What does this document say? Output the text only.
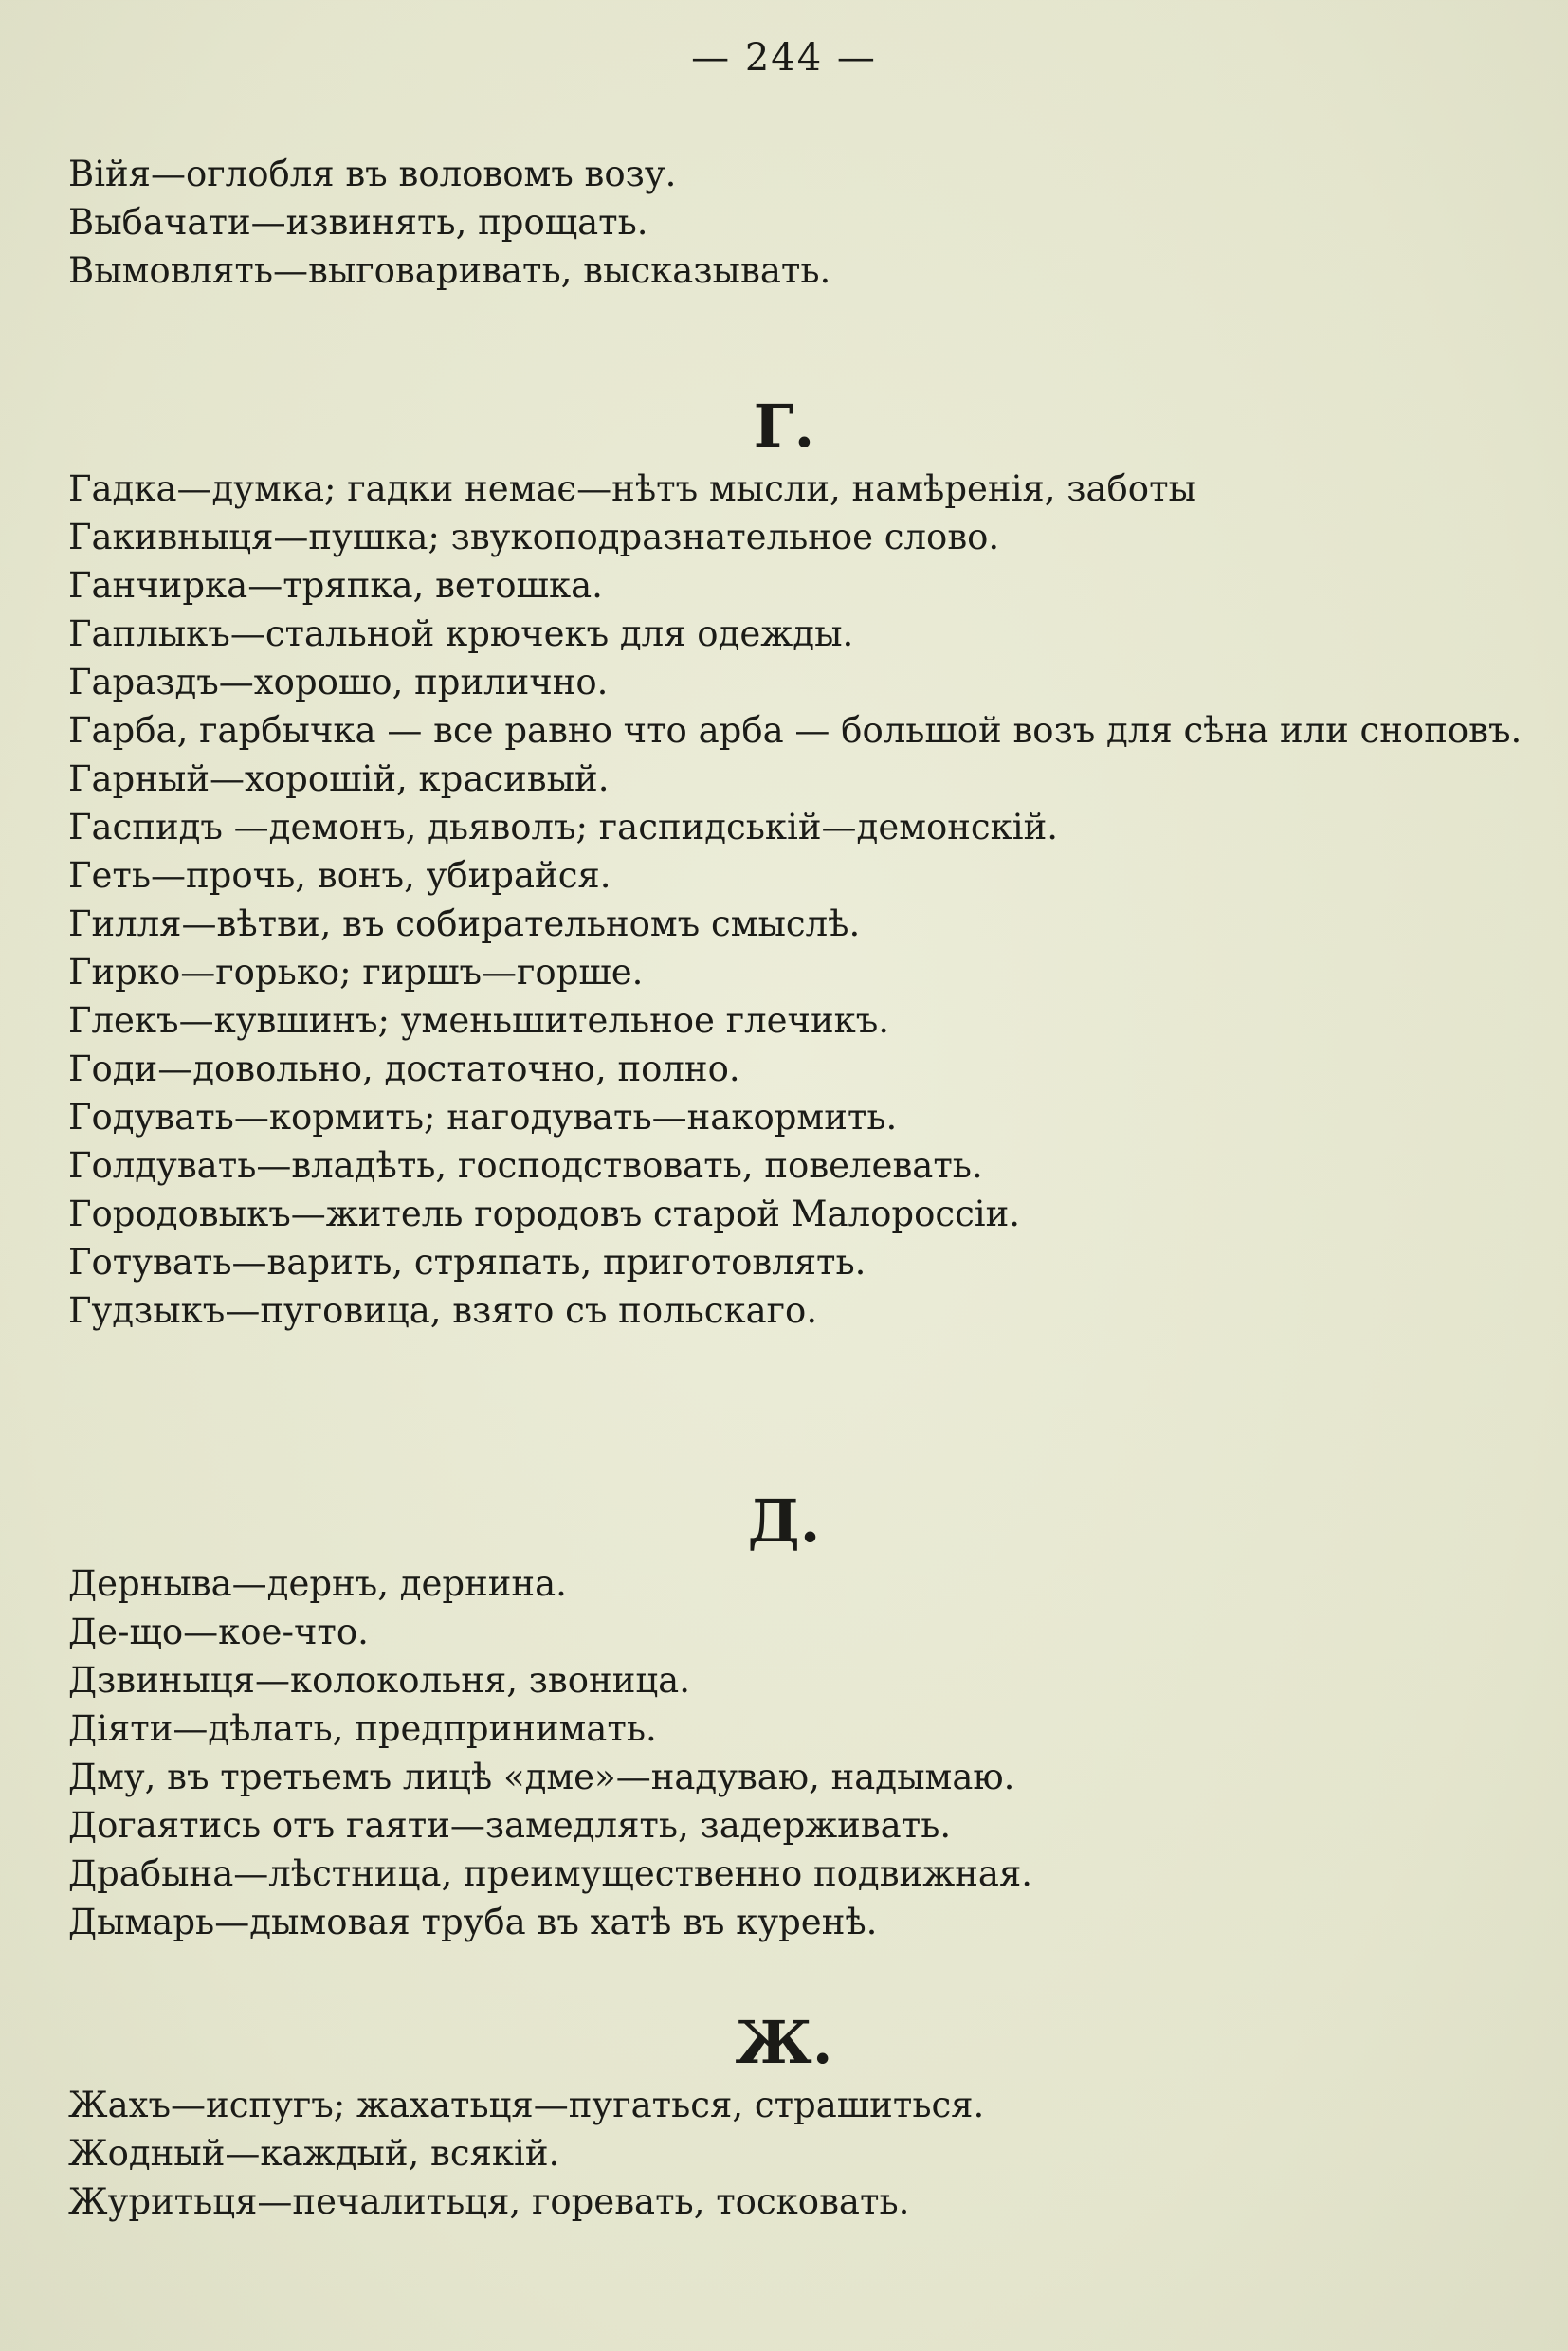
— 244 —
Війя—оглобля въ воловомъ возу.
Выбачати—извинять, прощать.
Вымовлять—выговаривать, высказывать.
Г.
Гадка—думка; гадки немає—нѣтъ мысли, намѣренія, заботы
Гакивныця—пушка; звукоподразнательное слово.
Ганчирка—тряпка, ветошка.
Гаплыкъ—стальной крючекъ для одежды.
Гараздъ—хорошо, прилично.
Гарба, гарбычка — все равно что арба — большой возъ для сѣна или сноповъ.
Гарный—хорошій, красивый.
Гаспидъ —демонъ, дьяволъ; гаспидській—демонскій.
Геть—прочь, вонъ, убирайся.
Гилля—вѣтви, въ собирательномъ смыслѣ.
Гирко—горько; гиршъ—горше.
Глекъ—кувшинъ; уменьшительное глечикъ.
Годи—довольно, достаточно, полно.
Годувать—кормить; нагодувать—накормить.
Голдувать—владѣть, господствовать, повелевать.
Городовыкъ—житель городовъ старой Малороссіи.
Готувать—варить, стряпать, приготовлять.
Гудзыкъ—пуговица, взято съ польскаго.
Д.
Дерныва—дернъ, дернина.
Де-що—кое-что.
Дзвиныця—колокольня, звоница.
Діяти—дѣлать, предпринимать.
Дму, въ третьемъ лицѣ «дме»—надуваю, надымаю.
Догаятись отъ гаяти—замедлять, задерживать.
Драбына—лѣстница, преимущественно подвижная.
Дымарь—дымовая труба въ хатѣ въ куренѣ.
Ж.
Жахъ—испугъ; жахатьця—пугаться, страшиться.
Жодный—каждый, всякій.
Журитьця—печалитьця, горевать, тосковать.
